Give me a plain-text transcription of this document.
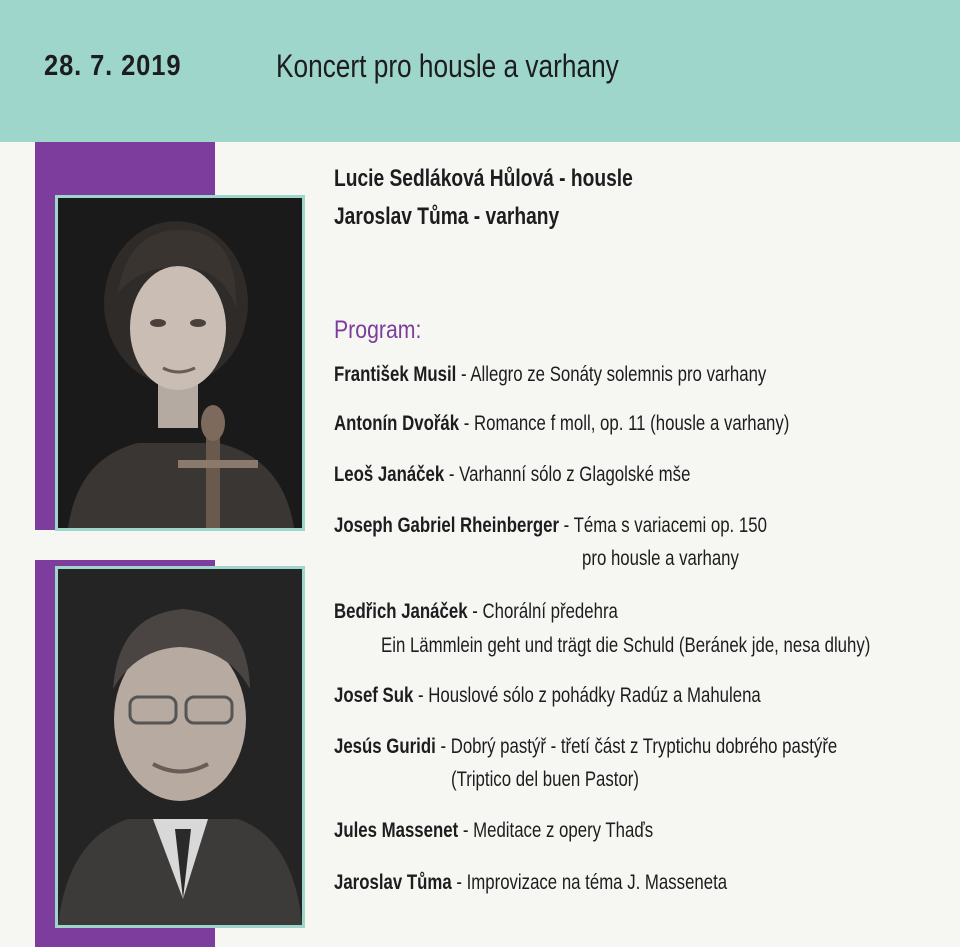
28. 7. 2019	Koncert pro housle a varhany
Lucie Sedláková Hůlová - housle
Jaroslav Tůma - varhany
Program:
František Musil - Allegro ze Sonáty solemnis pro varhany
Antonín Dvořák - Romance f moll, op. 11 (housle a varhany)
Leoš Janáček - Varhanní sólo z Glagolské mše
Joseph Gabriel Rheinberger - Téma s variacemi op. 150
pro housle a varhany
Bedřich Janáček - Chorální předehra
Ein Lämmlein geht und trägt die Schuld (Beránek jde, nesa dluhy)
Josef Suk - Houslové sólo z pohádky Radúz a Mahulena
Jesús Guridi - Dobrý pastýř - třetí část z Tryptichu dobrého pastýře
(Triptico del buen Pastor)
Jules Massenet - Meditace z opery Thaďs
Jaroslav Tůma - Improvizace na téma J. Masseneta
